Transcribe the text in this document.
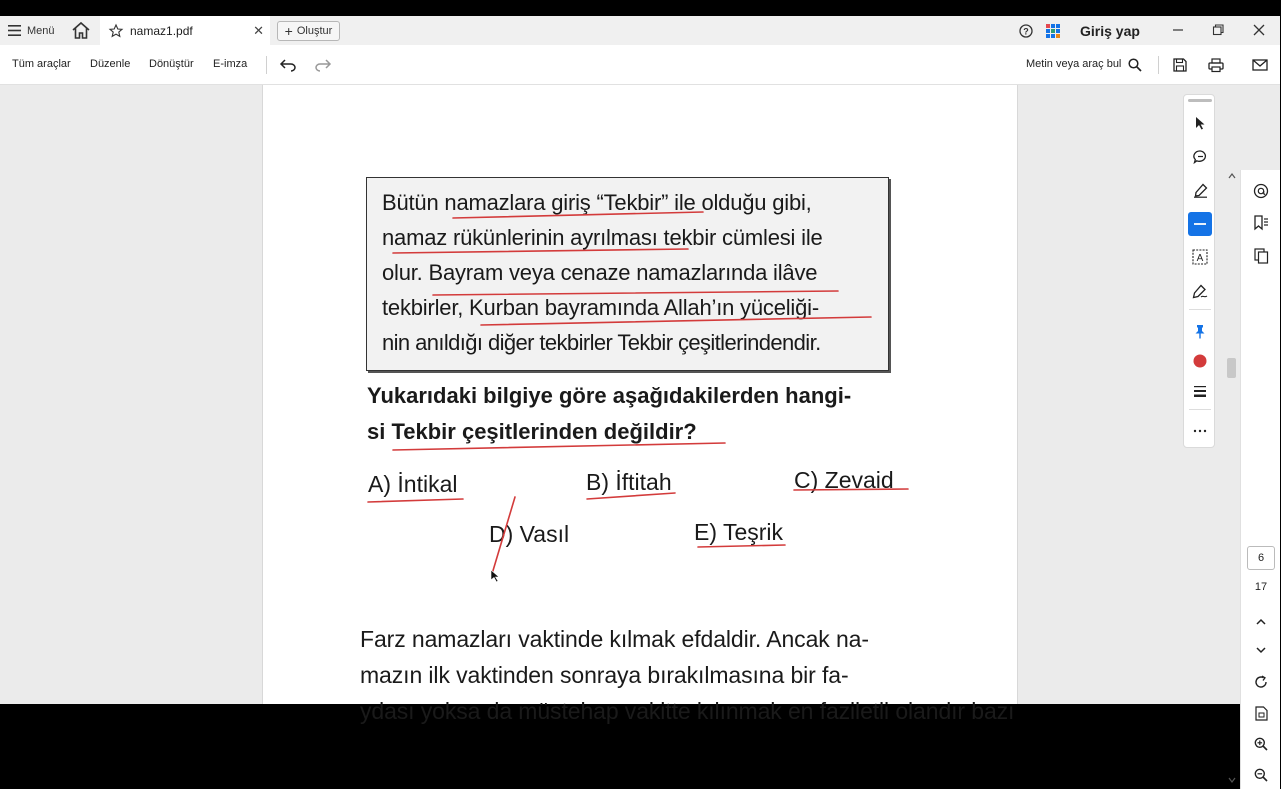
Menü	namaz1.pdf	✕ + Oluştur	?	Giriş yap
Tüm araçlar Düzenle Dönüştür E-imza	Metin veya araç bul
Bütün namazlara giriş “Tekbir” ile olduğu gibi,
namaz rükünlerinin ayrılması tekbir cümlesi ile
olur. Bayram veya cenaze namazlarında ilâve
tekbirler, Kurban bayramında Allah’ın yüceliği-
nin anıldığı diğer tekbirler Tekbir çeşitlerindendir.
Yukarıdaki bilgiye göre aşağıdakilerden hangi-
si Tekbir çeşitlerinden değildir?
A) İntikal	B) İftitah	C) Zevaid
D) Vasıl	E) Teşrik
Farz namazları vaktinde kılmak efdaldir. Ancak na-
mazın ilk vaktinden sonraya bırakılmasına bir fa-
ydası yoksa da müstehap vakitte kılınmak en faziletli olandır bazı
A
6
17
